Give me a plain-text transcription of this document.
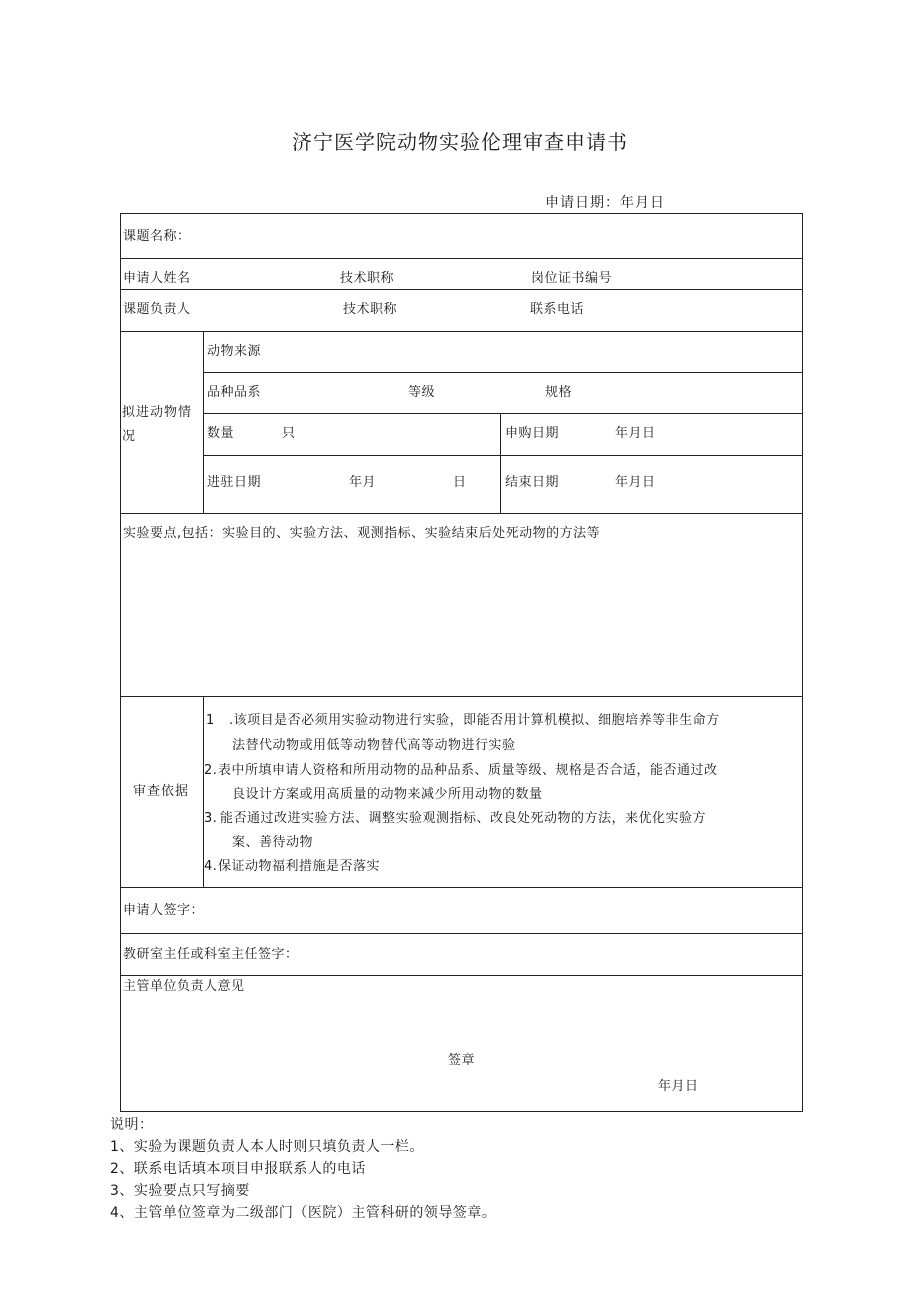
济宁医学院动物实验伦理审查申请书
申请日期：年月日
课题名称：
申请人姓名	技术职称	岗位证书编号
课题负责人	技术职称	联系电话
拟进动物情况
动物来源
品种品系	等级	规格
数量	只	申购日期	年月日
进驻日期	年月	日	结束日期	年月日
实验要点,包括：实验目的、实验方法、观测指标、实验结束后处死动物的方法等
审查依据
1 .该项目是否必须用实验动物进行实验，即能否用计算机模拟、细胞培养等非生命方
法替代动物或用低等动物替代高等动物进行实验
2. 表中所填申请人资格和所用动物的品种品系、质量等级、规格是否合适，能否通过改
良设计方案或用高质量的动物来减少所用动物的数量
3. 能否通过改进实验方法、调整实验观测指标、改良处死动物的方法，来优化实验方
案、善待动物
4. 保证动物福利措施是否落实
申请人签字：
教研室主任或科室主任签字：
主管单位负责人意见
签章
年月日
说明：
1、实验为课题负责人本人时则只填负责人一栏。
2、联系电话填本项目申报联系人的电话
3、实验要点只写摘要
4、主管单位签章为二级部门（医院）主管科研的领导签章。
